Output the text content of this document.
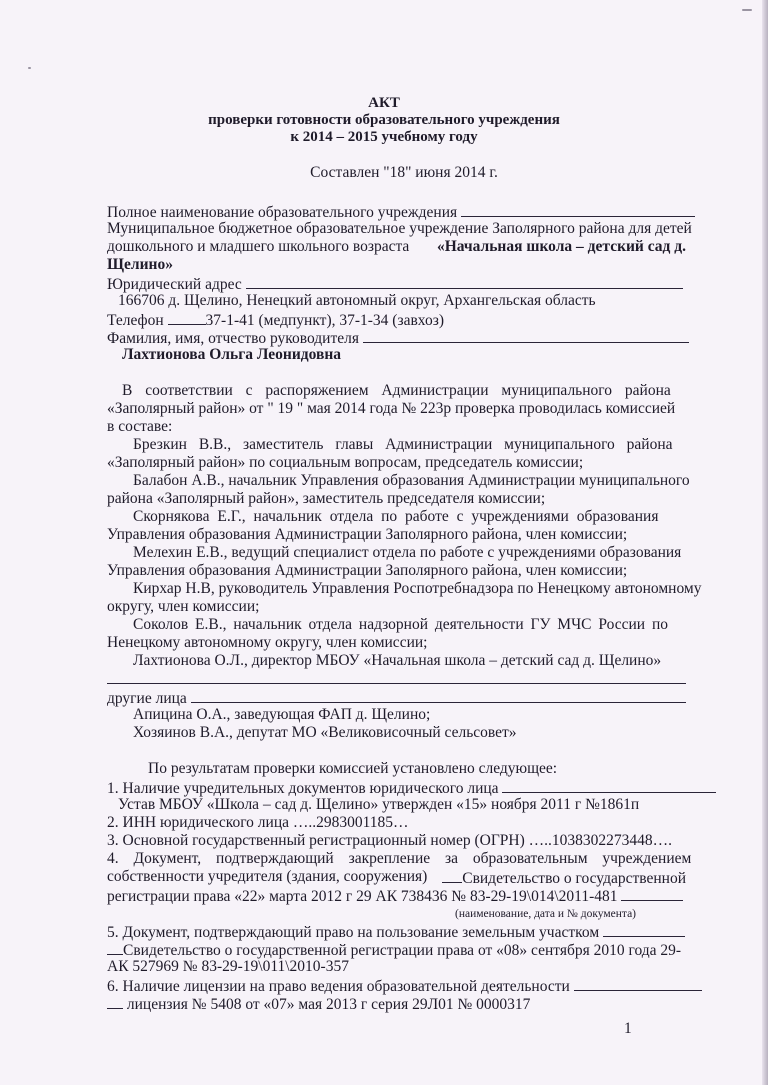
АКТ
проверки готовности образовательного учреждения
к 2014 – 2015 учебному году
Составлен "18" июня 2014 г.
Полное наименование образовательного учреждения
Муниципальное бюджетное образовательное учреждение Заполярного района для детей
дошкольного и младшего школьного возраста «Начальная школа – детский сад д.
Щелино»
Юридический адрес
166706 д. Щелино, Ненецкий автономный округ, Архангельская область
Телефон	37-1-41 (медпункт), 37-1-34 (завхоз)
Фамилия, имя, отчество руководителя
Лахтионова Ольга Леонидовна
В соответствии с распоряжением Администрации муниципального района
«Заполярный район» от " 19 " мая 2014 года № 223р проверка проводилась комиссией
в составе:
Брезкин В.В., заместитель главы Администрации муниципального района
«Заполярный район» по социальным вопросам, председатель комиссии;
Балабон А.В., начальник Управления образования Администрации муниципального
района «Заполярный район», заместитель председателя комиссии;
Скорнякова Е.Г., начальник отдела по работе с учреждениями образования
Управления образования Администрации Заполярного района, член комиссии;
Мелехин Е.В., ведущий специалист отдела по работе с учреждениями образования
Управления образования Администрации Заполярного района, член комиссии;
Кирхар Н.В, руководитель Управления Роспотребнадзора по Ненецкому автономному
округу, член комиссии;
Соколов Е.В., начальник отдела надзорной деятельности ГУ МЧС России по
Ненецкому автономному округу, член комиссии;
Лахтионова О.Л., директор МБОУ «Начальная школа – детский сад д. Щелино»
другие лица
Апицина О.А., заведующая ФАП д. Щелино;
Хозяинов В.А., депутат МО «Великовисочный сельсовет»
По результатам проверки комиссией установлено следующее:
1. Наличие учредительных документов юридического лица
Устав МБОУ «Школа – сад д. Щелино» утвержден «15» ноября 2011 г №1861п
2. ИНН юридического лица …..2983001185…
3. Основной государственный регистрационный номер (ОГРН) …..1038302273448….
4. Документ, подтверждающий закрепление за образовательным учреждением
собственности учредителя (здания, сооружения)	Свидетельство о государственной
регистрации права «22» марта 2012 г 29 АК 738436 № 83-29-19\014\2011-481
(наименование, дата и № документа)
5. Документ, подтверждающий право на пользование земельным участком
Свидетельство о государственной регистрации права от «08» сентября 2010 года 29-
АК 527969 № 83-29-19\011\2010-357
6. Наличие лицензии на право ведения образовательной деятельности
лицензия № 5408 от «07» мая 2013 г серия 29Л01 № 0000317
1
